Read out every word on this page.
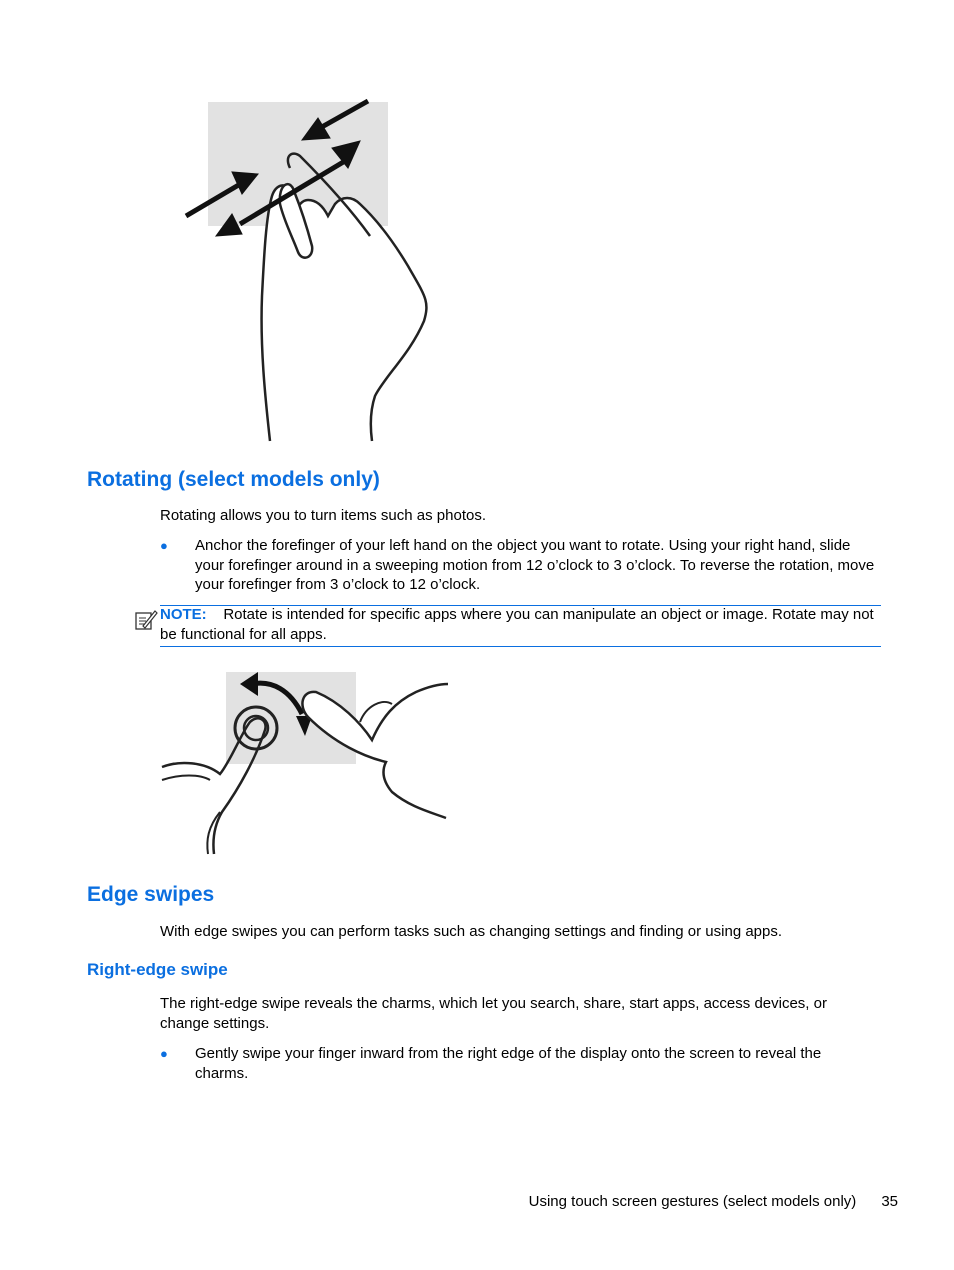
Rotating (select models only)

Rotating allows you to turn items such as photos.

● Anchor the forefinger of your left hand on the object you want to rotate. Using your right hand, slide your forefinger around in a sweeping motion from 12 o’clock to 3 o’clock. To reverse the rotation, move your forefinger from 3 o’clock to 12 o’clock.

NOTE: Rotate is intended for specific apps where you can manipulate an object or image. Rotate may not be functional for all apps.

Edge swipes

With edge swipes you can perform tasks such as changing settings and finding or using apps.

Right-edge swipe

The right-edge swipe reveals the charms, which let you search, share, start apps, access devices, or change settings.

● Gently swipe your finger inward from the right edge of the display onto the screen to reveal the charms.

Using touch screen gestures (select models only) 35
